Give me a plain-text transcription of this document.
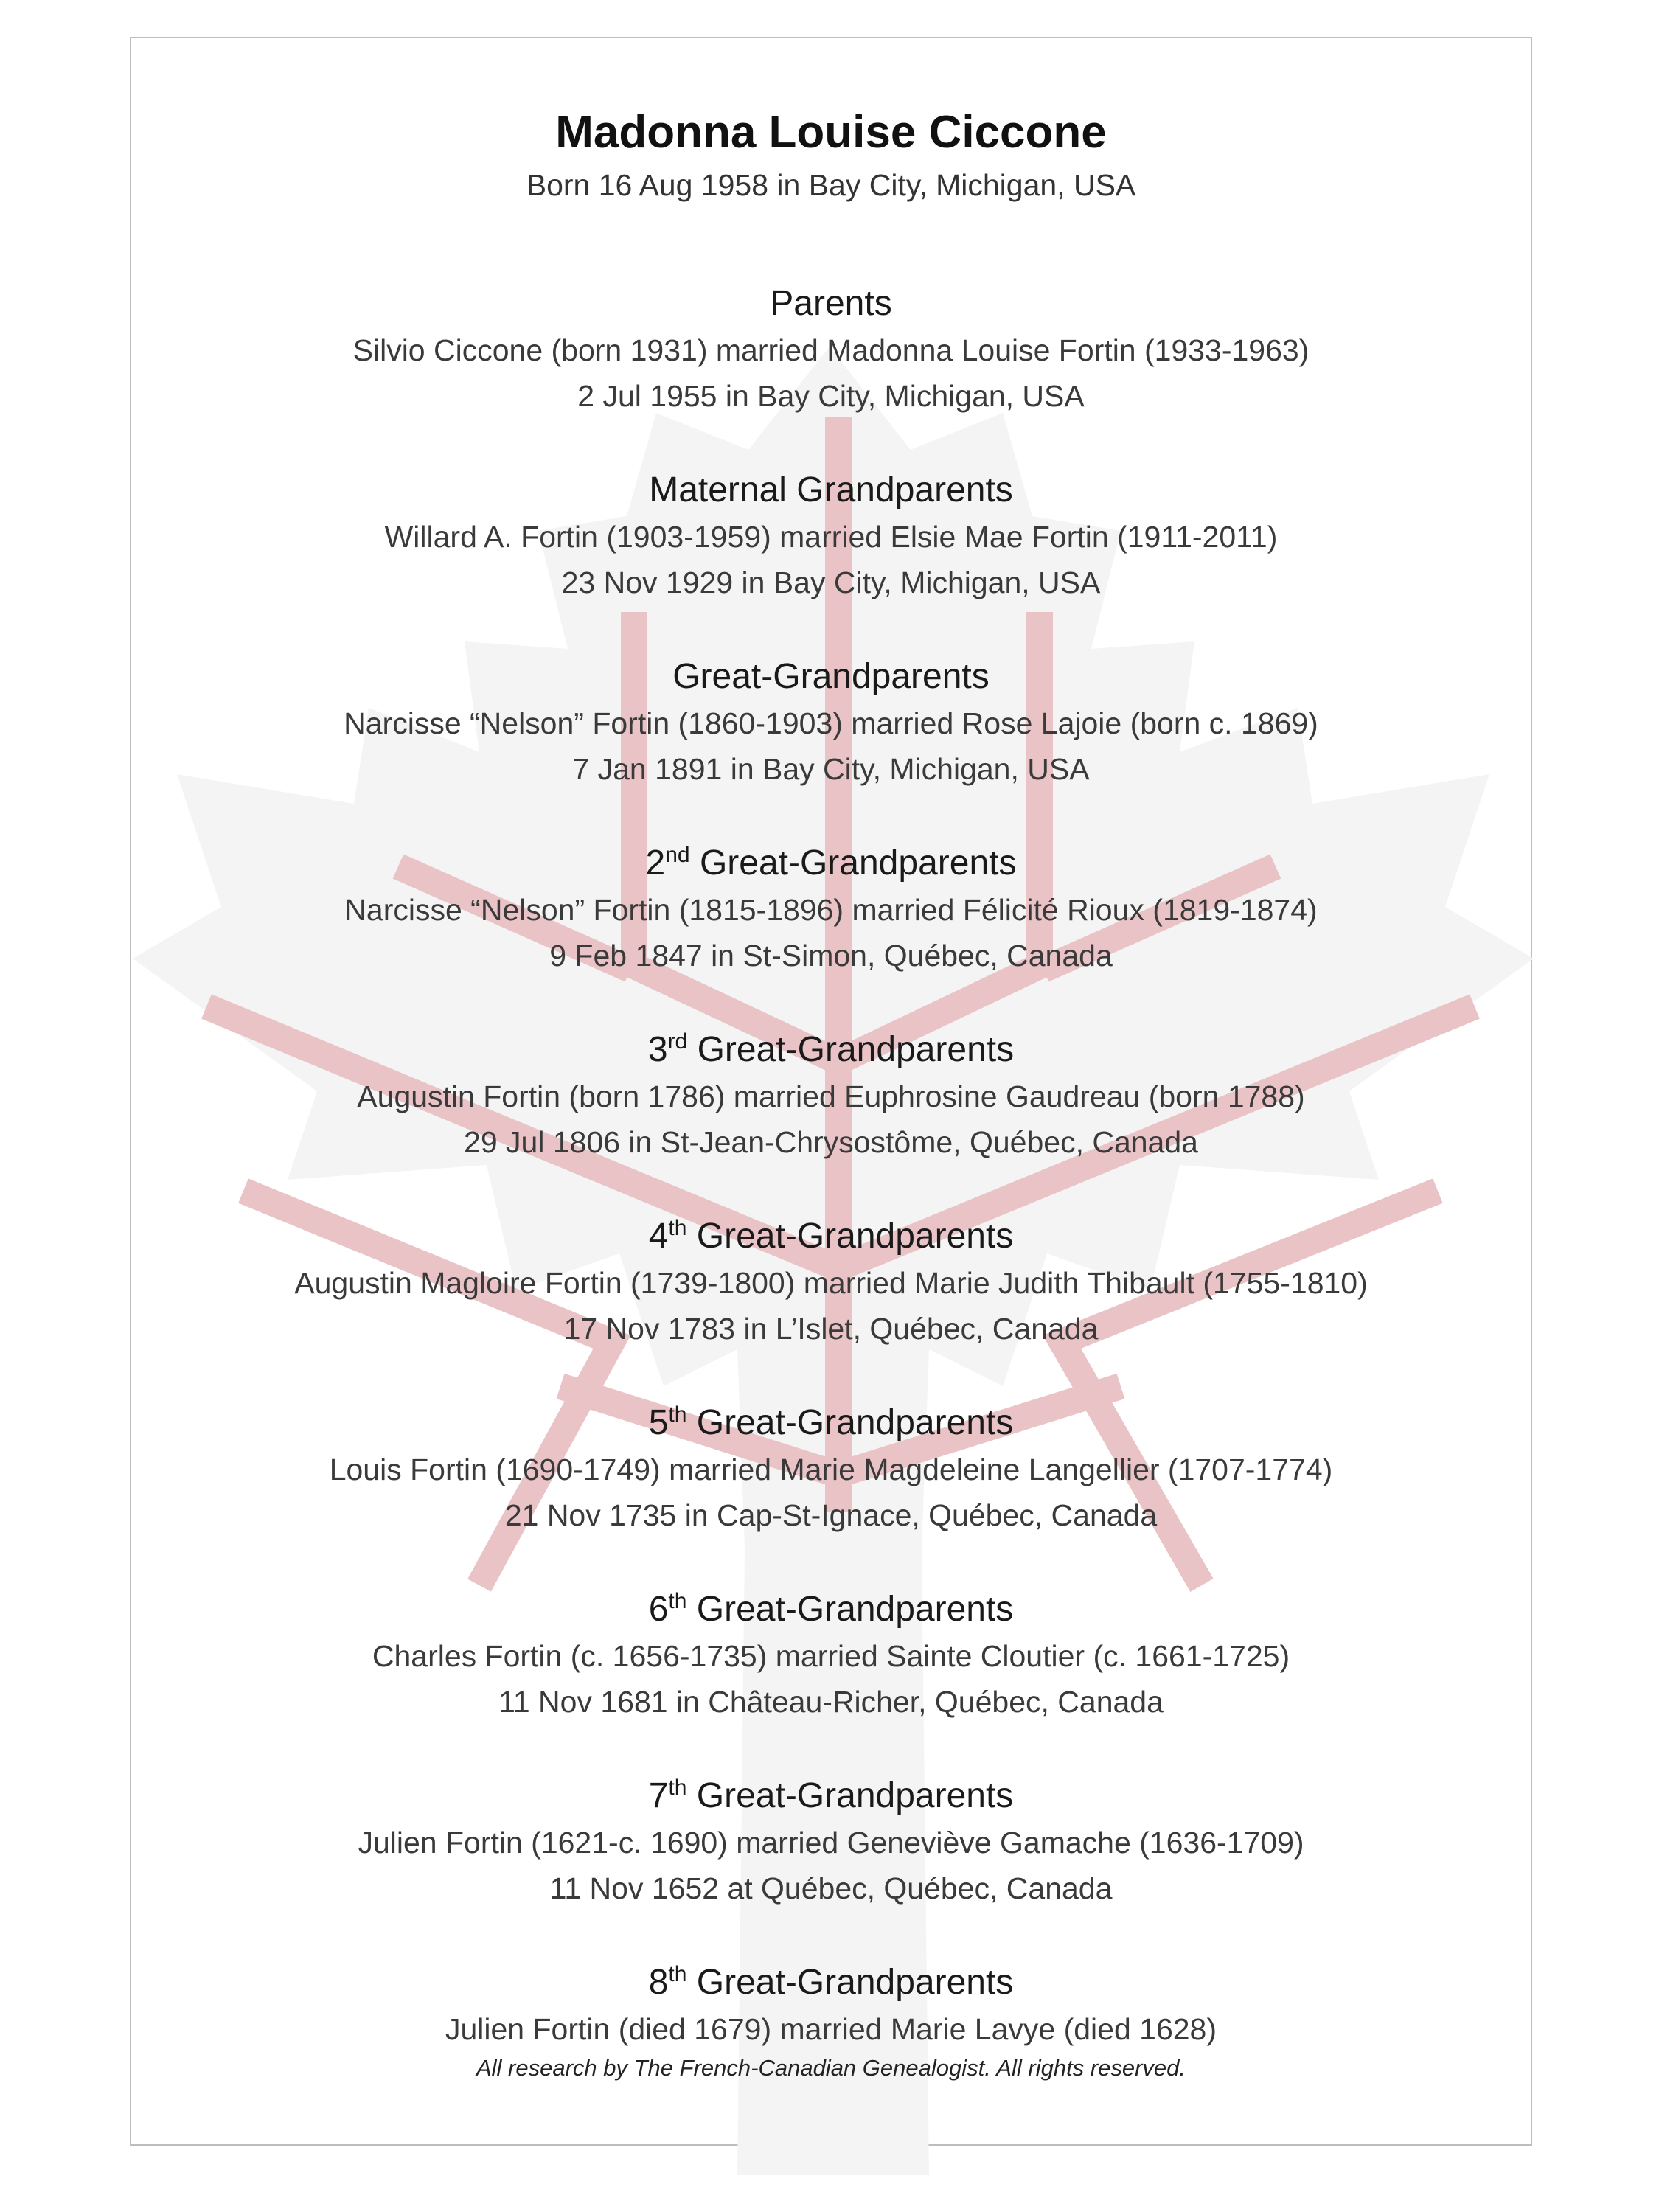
Madonna Louise Ciccone
Born 16 Aug 1958 in Bay City, Michigan, USA
Parents

Silvio Ciccone (born 1931) married Madonna Louise Fortin (1933-1963)

2 Jul 1955 in Bay City, Michigan, USA

Maternal Grandparents

Willard A. Fortin (1903-1959) married Elsie Mae Fortin (1911-2011)

23 Nov 1929 in Bay City, Michigan, USA

Great-Grandparents

Narcisse “Nelson” Fortin (1860-1903) married Rose Lajoie (born c. 1869)

7 Jan 1891 in Bay City, Michigan, USA

2nd Great-Grandparents

Narcisse “Nelson” Fortin (1815-1896) married Félicité Rioux (1819-1874)

9 Feb 1847 in St-Simon, Québec, Canada

3rd Great-Grandparents

Augustin Fortin (born 1786) married Euphrosine Gaudreau (born 1788)

29 Jul 1806 in St-Jean-Chrysostôme, Québec, Canada

4th Great-Grandparents

Augustin Magloire Fortin (1739-1800) married Marie Judith Thibault (1755-1810)

17 Nov 1783 in L’Islet, Québec, Canada

5th Great-Grandparents

Louis Fortin (1690-1749) married Marie Magdeleine Langellier (1707-1774)

21 Nov 1735 in Cap-St-Ignace, Québec, Canada

6th Great-Grandparents

Charles Fortin (c. 1656-1735) married Sainte Cloutier (c. 1661-1725)

11 Nov 1681 in Château-Richer, Québec, Canada

7th Great-Grandparents

Julien Fortin (1621-c. 1690) married Geneviève Gamache (1636-1709)

11 Nov 1652 at Québec, Québec, Canada

8th Great-Grandparents

Julien Fortin (died 1679) married Marie Lavye (died 1628)

All research by The French-Canadian Genealogist. All rights reserved.
